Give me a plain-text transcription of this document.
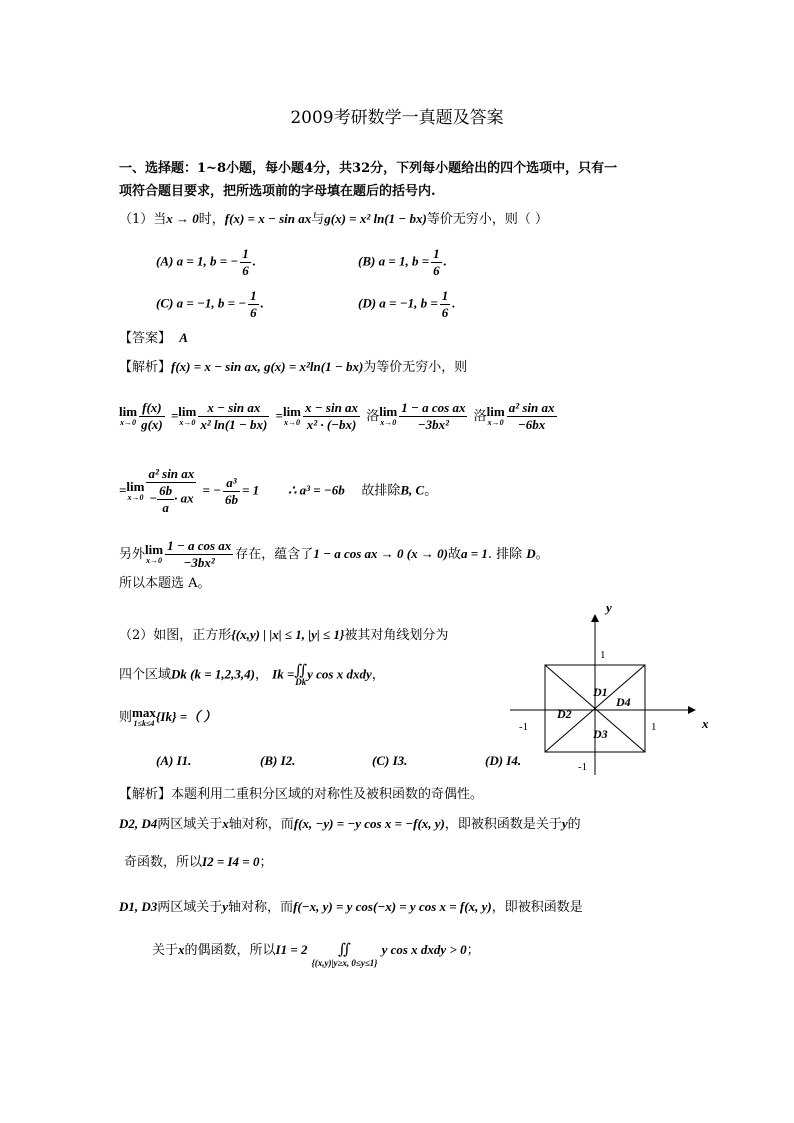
2009考研数学一真题及答案
一、选择题：1~8小题，每小题4分，共32分，下列每小题给出的四个选项中，只有一
项符合题目要求，把所选项前的字母填在题后的括号内.
（1）当x → 0时，f(x) = x − sin ax与g(x) = x² ln(1 − bx)等价无穷小，则（ ）
(A) a = 1, b = − $\frac{1}{6}$ .	(B) a = 1, $b = \frac{1}{6}$ .
(C) a = −1, b = − $\frac{1}{6}$ .	(D) a = −1, $b = \frac{1}{6}$ .
【答案】 A
【解析】f(x) = x − sin ax, g(x) = x²ln(1 − bx)为等价无穷小，则
lim
$x\to 0 \frac{f(x)}{g(x)} = \lim$
$x\to 0 \frac{\text{x − sin ax}}{\text{x² ln(1 − bx)}} = \lim$
$x\to 0 \frac{\text{x − sin ax}}{\text{x² · (−bx)}}$ 洛 lim
$x\to 0 \frac{\text{1 − a cos ax}}{\text{−3bx²}}$ 洛 lim
$x\to 0 \frac{\text{a² sin ax}}{-6bx}$
= lim
$x\to 0 \frac{\text{a² sin ax}}{- \frac{6b}{a} \cdot ax}$ = − $\frac{\text{a³}}{6b} = 1$ ∴ a³ = −6b 故排除B, C。
另外 lim
$x\to 0 \frac{\text{1 − a cos ax}}{\text{−3bx²}}$ 存在，蕴含了1 − a cos ax → 0 (x → 0)故a = 1. 排除 D。
所以本题选 A。
（2）如图，正方形{(x,y) | |x| ≤ 1, |y| ≤ 1}被其对角线划分为
四个区域Dk (k = 1,2,3,4)， Ik = ∬
Dk
y cos x dxdy，
则 max
1≤k≤4 {Ik} =（ ）
(A) I1.	(B) I2.	(C) I3.	(D) I4.
y
x
1
-1	1
-1
D1
D2
D3
D4
【解析】本题利用二重积分区域的对称性及被积函数的奇偶性。
D2, D4两区域关于x轴对称，而f(x, −y) = −y cos x = −f(x, y)，即被积函数是关于y的
奇函数，所以I2 = I4 = 0；
D1, D3两区域关于y轴对称，而f(−x, y) = y cos(−x) = y cos x = f(x, y)，即被积函数是
关于x的偶函数，所以I1 = 2	∬
{(x,y)|y≥x, 0≤y≤1}
y cos x dxdy > 0；
